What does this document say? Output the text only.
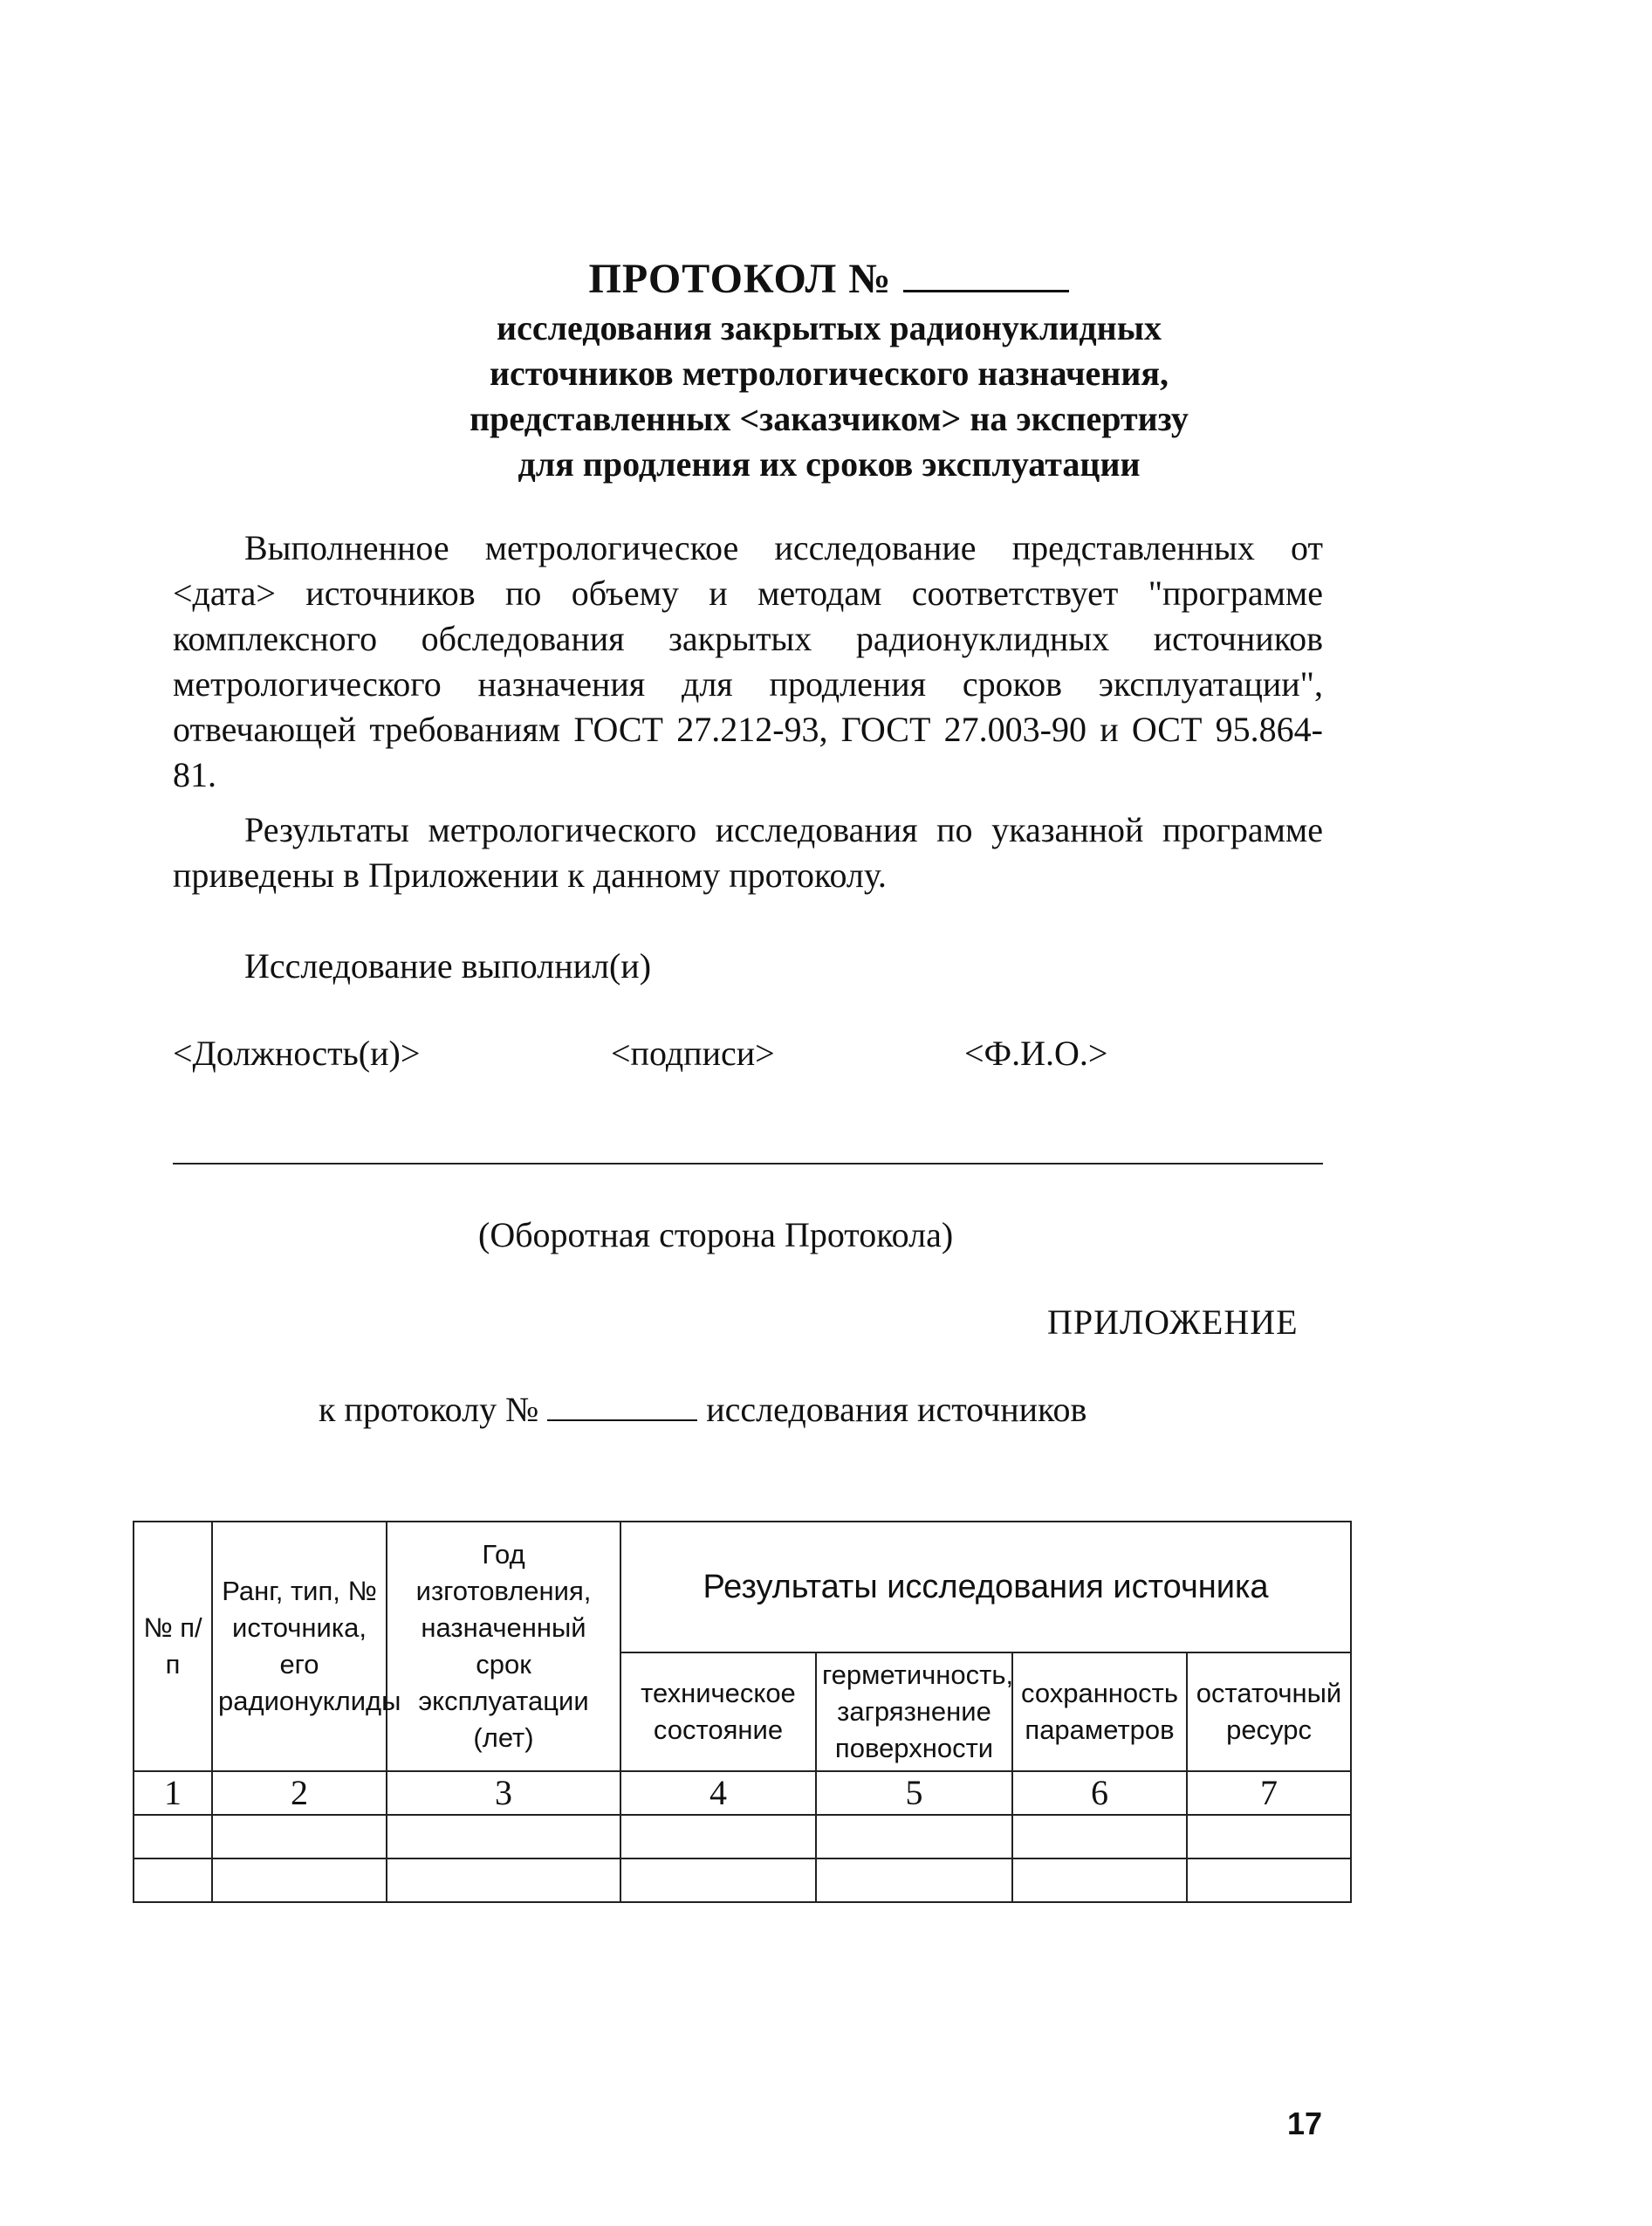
ПРОТОКОЛ №
исследования закрытых радионуклидных
источников метрологического назначения,
представленных <заказчиком> на экспертизу
для продления их сроков эксплуатации
Выполненное метрологическое исследование представленных от <дата> источников по объему и методам соответствует "программе комплексного обследования закрытых радионуклидных источников метрологического назначения для продления сроков эксплуатации", отвечающей требованиям ГОСТ 27.212-93, ГОСТ 27.003-90 и ОСТ 95.864-81.
Результаты метрологического исследования по указанной программе приведены в Приложении к данному протоколу.
Исследование выполнил(и)
<Должность(и)>	<подписи>	<Ф.И.О.>
(Оборотная сторона Протокола)
ПРИЛОЖЕНИЕ
к протоколу №	исследования источников
№ п/п	Ранг, тип, № источника, его радионуклиды	Год изготовления, назначенный срок эксплуатации (лет)	Результаты исследования источника			
			техническое состояние	герметичность, загрязнение поверхности	сохранность параметров	остаточный ресурс
1	2	3	4	5	6	7

17
